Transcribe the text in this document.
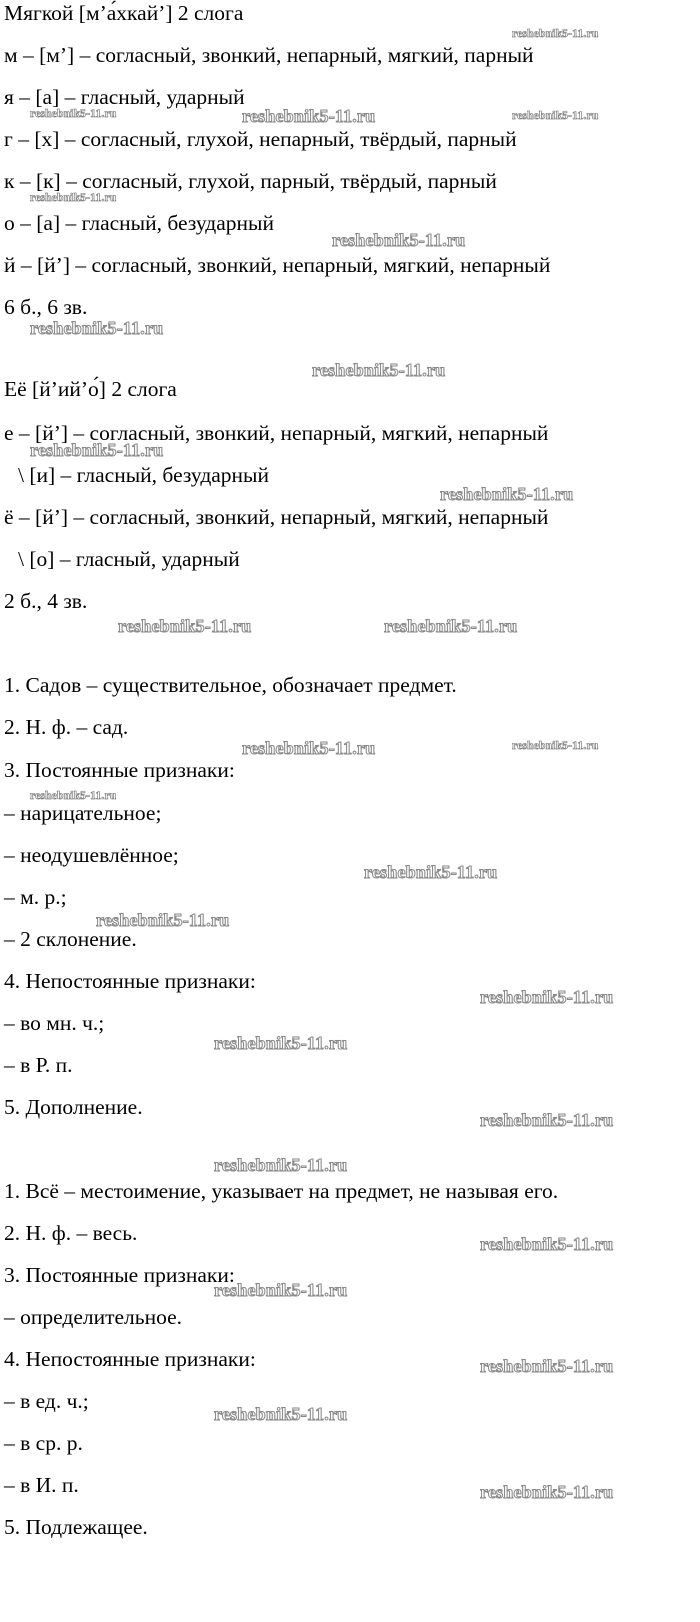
Мягкой [м’а́хкай’] 2 слога
м – [м’] – согласный, звонкий, непарный, мягкий, парный
я – [а] – гласный, ударный
г – [х] – согласный, глухой, непарный, твёрдый, парный
к – [к] – согласный, глухой, парный, твёрдый, парный
о – [а] – гласный, безударный
й – [й’] – согласный, звонкий, непарный, мягкий, непарный
6 б., 6 зв.
Её [й’ий’о́] 2 слога
е – [й’] – согласный, звонкий, непарный, мягкий, непарный
\ [и] – гласный, безударный
ё – [й’] – согласный, звонкий, непарный, мягкий, непарный
\ [о] – гласный, ударный
2 б., 4 зв.
1. Садов – существительное, обозначает предмет.
2. Н. ф. – сад.
3. Постоянные признаки:
– нарицательное;
– неодушевлённое;
– м. р.;
– 2 склонение.
4. Непостоянные признаки:
– во мн. ч.;
– в Р. п.
5. Дополнение.
1. Всё – местоимение, указывает на предмет, не называя его.
2. Н. ф. – весь.
3. Постоянные признаки:
– определительное.
4. Непостоянные признаки:
– в ед. ч.;
– в ср. р.
– в И. п.
5. Подлежащее.
reshebnik5-11.ru
reshebnik5-11.ru	reshebnik5-11.ru	reshebnik5-11.ru
reshebnik5-11.ru
reshebnik5-11.ru
reshebnik5-11.ru
reshebnik5-11.ru
reshebnik5-11.ru
reshebnik5-11.ru
reshebnik5-11.ru	reshebnik5-11.ru
reshebnik5-11.ru	reshebnik5-11.ru
reshebnik5-11.ru
reshebnik5-11.ru
reshebnik5-11.ru
reshebnik5-11.ru
reshebnik5-11.ru
reshebnik5-11.ru
reshebnik5-11.ru
reshebnik5-11.ru
reshebnik5-11.ru
reshebnik5-11.ru
reshebnik5-11.ru
reshebnik5-11.ru
